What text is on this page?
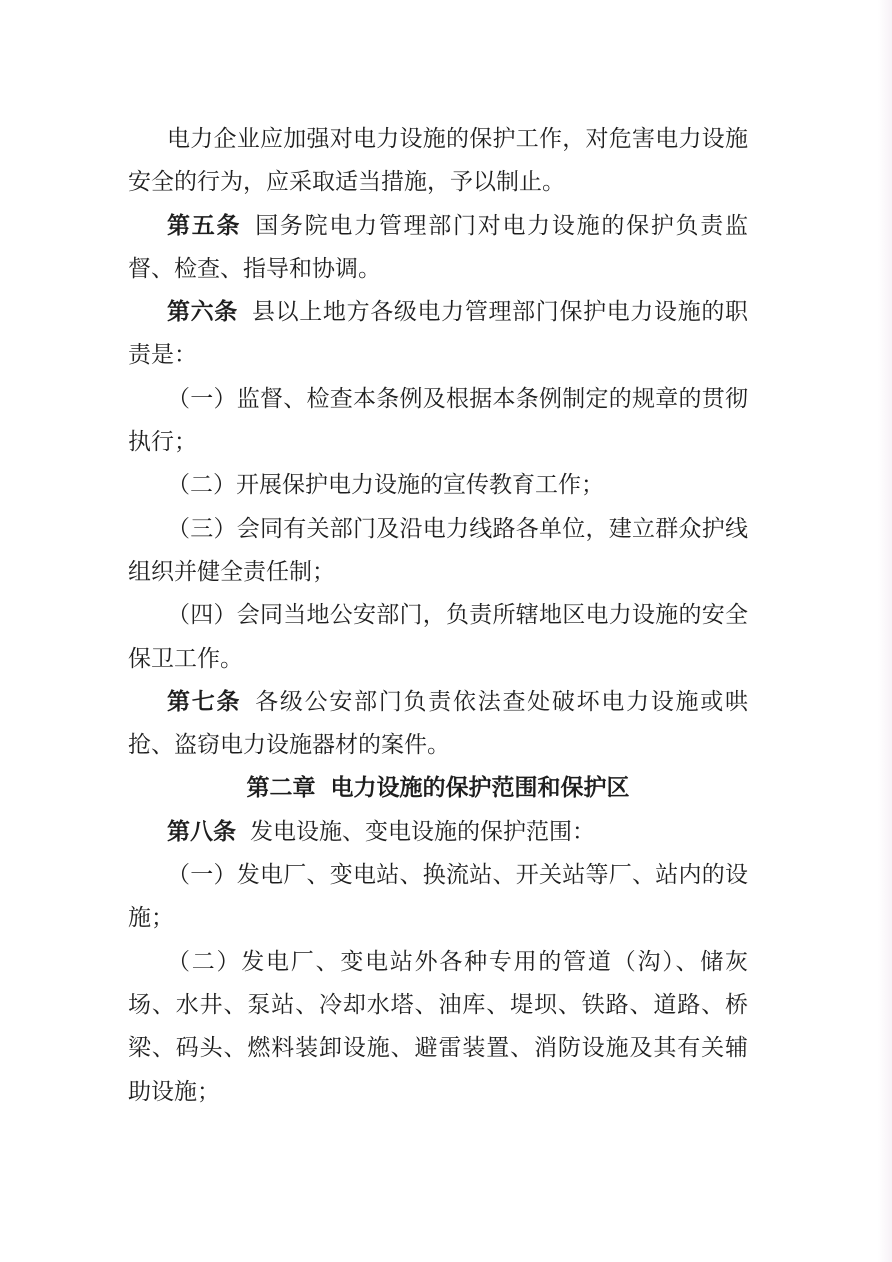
电力企业应加强对电力设施的保护工作，对危害电力设施安全的行为，应采取适当措施，予以制止。

第五条 国务院电力管理部门对电力设施的保护负责监督、检查、指导和协调。

第六条 县以上地方各级电力管理部门保护电力设施的职责是：

（一）监督、检查本条例及根据本条例制定的规章的贯彻执行；

（二）开展保护电力设施的宣传教育工作；

（三）会同有关部门及沿电力线路各单位，建立群众护线组织并健全责任制；

（四）会同当地公安部门，负责所辖地区电力设施的安全保卫工作。

第七条 各级公安部门负责依法查处破坏电力设施或哄抢、盗窃电力设施器材的案件。

第二章 电力设施的保护范围和保护区

第八条 发电设施、变电设施的保护范围：

（一）发电厂、变电站、换流站、开关站等厂、站内的设施；

（二）发电厂、变电站外各种专用的管道（沟）、储灰场、水井、泵站、冷却水塔、油库、堤坝、铁路、道路、桥梁、码头、燃料装卸设施、避雷装置、消防设施及其有关辅助设施；
